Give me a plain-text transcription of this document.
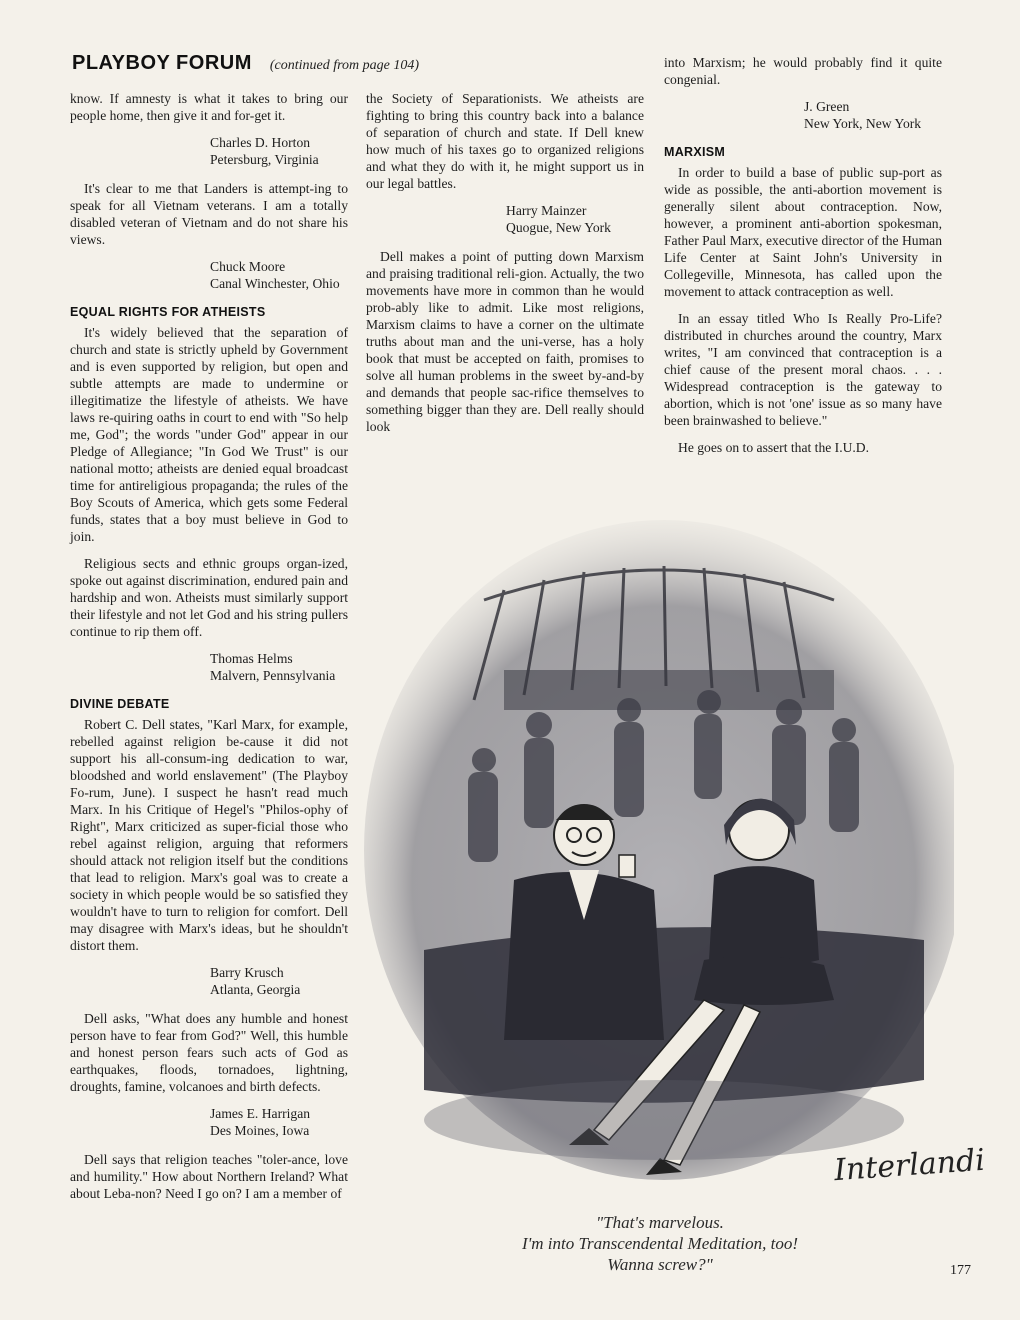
PLAYBOY FORUM (continued from page 104)

know. If amnesty is what it takes to bring our people home, then give it and for-get it.

Charles D. Horton
Petersburg, Virginia

It's clear to me that Landers is attempt-ing to speak for all Vietnam veterans. I am a totally disabled veteran of Vietnam and do not share his views.

Chuck Moore
Canal Winchester, Ohio
EQUAL RIGHTS FOR ATHEISTS

It's widely believed that the separation of church and state is strictly upheld by Government and is even supported by religion, but open and subtle attempts are made to undermine or illegitimatize the lifestyle of atheists. We have laws re-quiring oaths in court to end with "So help me, God"; the words "under God" appear in our Pledge of Allegiance; "In God We Trust" is our national motto; atheists are denied equal broadcast time for antireligious propaganda; the rules of the Boy Scouts of America, which gets some Federal funds, states that a boy must believe in God to join.

Religious sects and ethnic groups organ-ized, spoke out against discrimination, endured pain and hardship and won. Atheists must similarly support their lifestyle and not let God and his string pullers continue to rip them off.

Thomas Helms
Malvern, Pennsylvania
DIVINE DEBATE

Robert C. Dell states, "Karl Marx, for example, rebelled against religion be-cause it did not support his all-consum-ing dedication to war, bloodshed and world enslavement" (The Playboy Fo-rum, June). I suspect he hasn't read much Marx. In his Critique of Hegel's "Philos-ophy of Right", Marx criticized as super-ficial those who rebel against religion, arguing that reformers should attack not religion itself but the conditions that lead to religion. Marx's goal was to create a society in which people would be so satisfied they wouldn't have to turn to religion for comfort. Dell may disagree with Marx's ideas, but he shouldn't distort them.

Barry Krusch
Atlanta, Georgia

Dell asks, "What does any humble and honest person have to fear from God?" Well, this humble and honest person fears such acts of God as earthquakes, floods, tornadoes, lightning, droughts, famine, volcanoes and birth defects.

James E. Harrigan
Des Moines, Iowa

Dell says that religion teaches "toler-ance, love and humility." How about Northern Ireland? What about Leba-non? Need I go on? I am a member of

the Society of Separationists. We atheists are fighting to bring this country back into a balance of separation of church and state. If Dell knew how much of his taxes go to organized religions and what they do with it, he might support us in our legal battles.

Harry Mainzer
Quogue, New York

Dell makes a point of putting down Marxism and praising traditional reli-gion. Actually, the two movements have more in common than he would prob-ably like to admit. Like most religions, Marxism claims to have a corner on the ultimate truths about man and the uni-verse, has a holy book that must be accepted on faith, promises to solve all human problems in the sweet by-and-by and demands that people sac-rifice themselves to something bigger than they are. Dell really should look

into Marxism; he would probably find it quite congenial.

J. Green
New York, New York
MARXISM

In order to build a base of public sup-port as wide as possible, the anti-abortion movement is generally silent about contraception. Now, however, a prominent anti-abortion spokesman, Father Paul Marx, executive director of the Human Life Center at Saint John's University in Collegeville, Minnesota, has called upon the movement to attack contraception as well.

In an essay titled Who Is Really Pro-Life? distributed in churches around the country, Marx writes, "I am convinced that contraception is a chief cause of the present moral chaos. . . . Widespread contraception is the gateway to abortion, which is not 'one' issue as so many have been brainwashed to believe."

He goes on to assert that the I.U.D.

Interlandi
"That's marvelous.
I'm into Transcendental Meditation, too!
Wanna screw?"	177
